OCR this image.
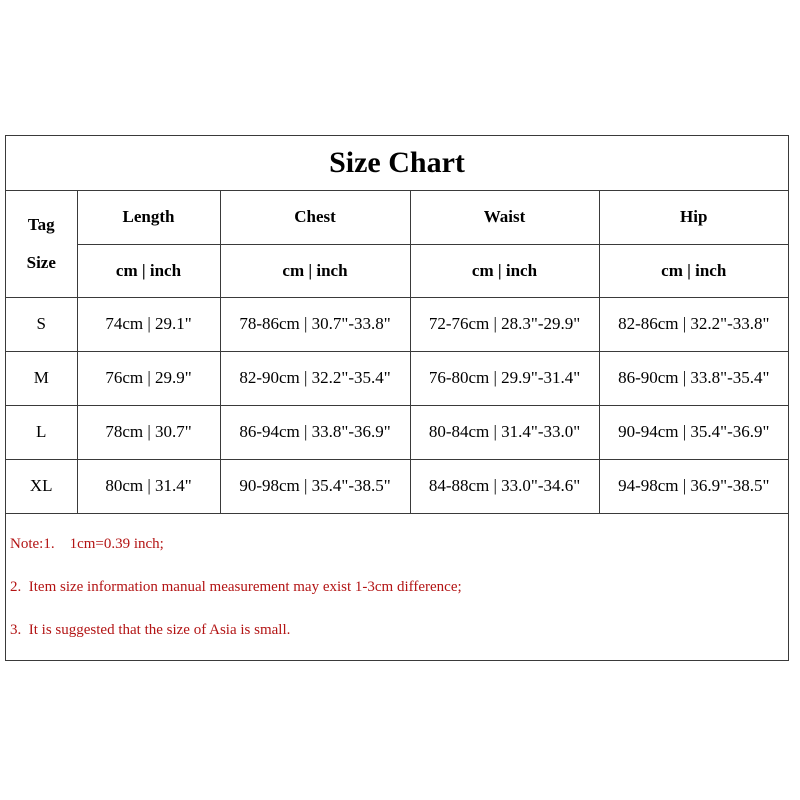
Size Chart
Tag
Size	Length	Chest	Waist	Hip
	cm | inch	cm | inch	cm | inch	cm | inch
S	74cm | 29.1"	78-86cm | 30.7"-33.8"	72-76cm | 28.3"-29.9"	82-86cm | 32.2"-33.8"
M	76cm | 29.9"	82-90cm | 32.2"-35.4"	76-80cm | 29.9"-31.4"	86-90cm | 33.8"-35.4"
L	78cm | 30.7"	86-94cm | 33.8"-36.9"	80-84cm | 31.4"-33.0"	90-94cm | 35.4"-36.9"
XL	80cm | 31.4"	90-98cm | 35.4"-38.5"	84-88cm | 33.0"-34.6"	94-98cm | 36.9"-38.5"
Note:1.    1cm=0.39 inch;
2.  Item size information manual measurement may exist 1-3cm difference;
3.  It is suggested that the size of Asia is small.
